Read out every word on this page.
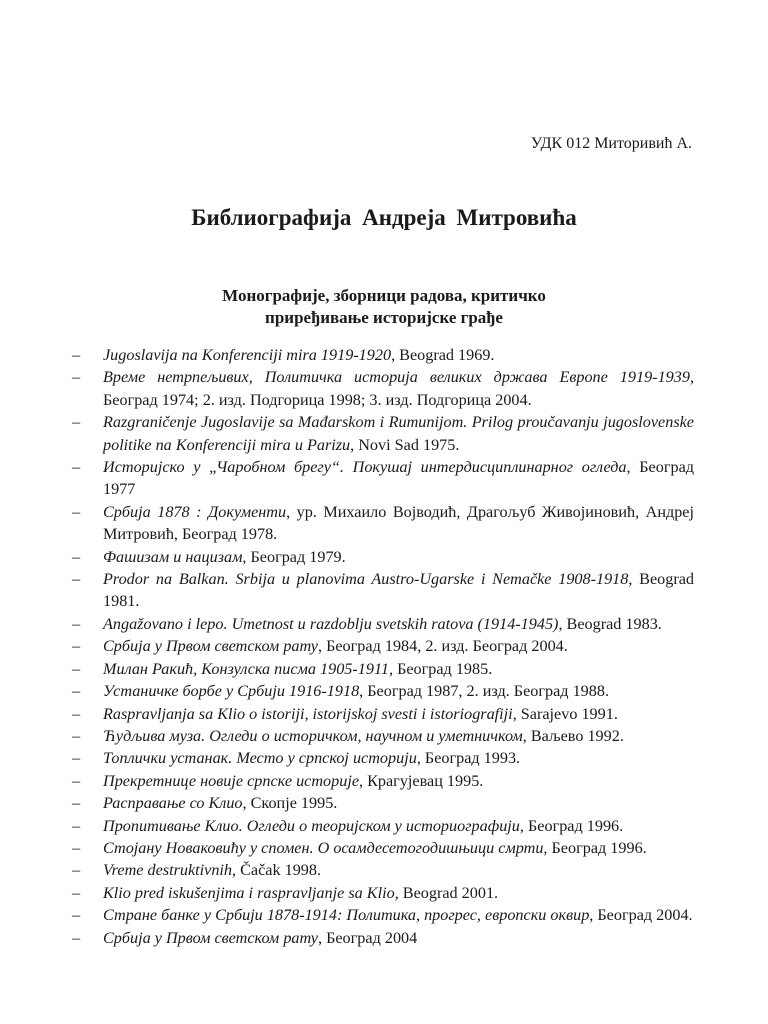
УДК 012 Миторивић А.
Библиографија Андреја Митровића
Монографије, зборници радова, критичко
приређивање историјске грађе
– Jugoslavija na Konferenciji mira 1919-1920, Beograd 1969.
– Време нетрпељивих, Политичка историја великих држава Европе 1919-1939, Београд 1974; 2. изд. Подгорица 1998; 3. изд. Подгорица 2004.
– Razgraničenje Jugoslavije sa Mađarskom i Rumunijom. Prilog proučavanju jugoslovenske politike na Konferenciji mira u Parizu, Novi Sad 1975.
– Историјско у „Чаробном брегу“. Покушај интердисциплинарног огледа, Београд 1977
– Србија 1878 : Документи, ур. Михаило Војводић, Драгољуб Живојиновић, Андреј Митровић, Београд 1978.
– Фашизам и нацизам, Београд 1979.
– Prodor na Balkan. Srbija u planovima Austro-Ugarske i Nemačke 1908-1918, Beograd 1981.
– Angažovano i lepo. Umetnost u razdoblju svetskih ratova (1914-1945), Beograd 1983.
– Србија у Првом светском рату, Београд 1984, 2. изд. Београд 2004.
– Милан Ракић, Конзулска писма 1905-1911, Београд 1985.
– Устаничке борбе у Србији 1916-1918, Београд 1987, 2. изд. Београд 1988.
– Raspravljanja sa Klio o istoriji, istorijskoj svesti i istoriografiji, Sarajevo 1991.
– Ћудљива муза. Огледи о историчком, научном и уметничком, Ваљево 1992.
– Топлички устанак. Место у српској историји, Београд 1993.
– Прекретнице новије српске историје, Крагујевац 1995.
– Расправање со Клио, Скопје 1995.
– Пропитивање Клио. Огледи о теоријском у историографији, Београд 1996.
– Стојану Новаковићу у спомен. О осамдесетогодишњици смрти, Београд 1996.
– Vreme destruktivnih, Čačak 1998.
– Klio pred iskušenjima i raspravljanje sa Klio, Beograd 2001.
– Стране банке у Србији 1878-1914: Политика, прогрес, европски оквир, Београд 2004.
– Србија у Првом светском рату, Београд 2004
